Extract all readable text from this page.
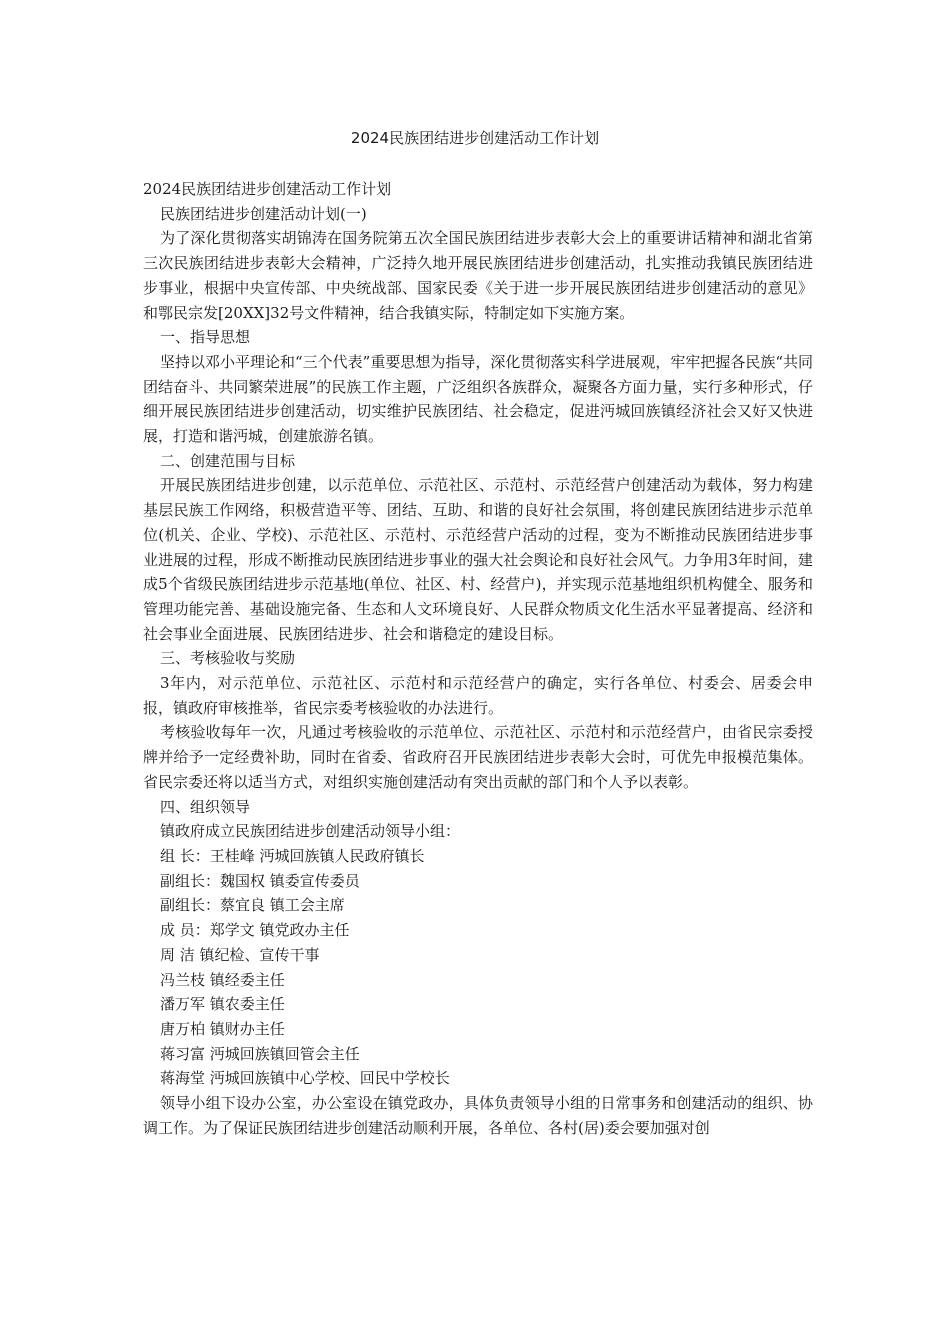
2024民族团结进步创建活动工作计划

2024民族团结进步创建活动工作计划

民族团结进步创建活动计划(一)

为了深化贯彻落实胡锦涛在国务院第五次全国民族团结进步表彰大会上的重要讲话精神和湖北省第三次民族团结进步表彰大会精神，广泛持久地开展民族团结进步创建活动，扎实推动我镇民族团结进步事业，根据中央宣传部、中央统战部、国家民委《关于进一步开展民族团结进步创建活动的意见》和鄂民宗发[20XX]32号文件精神，结合我镇实际，特制定如下实施方案。

一、指导思想

坚持以邓小平理论和“三个代表”重要思想为指导，深化贯彻落实科学进展观，牢牢把握各民族“共同团结奋斗、共同繁荣进展”的民族工作主题，广泛组织各族群众，凝聚各方面力量，实行多种形式，仔细开展民族团结进步创建活动，切实维护民族团结、社会稳定，促进沔城回族镇经济社会又好又快进展，打造和谐沔城，创建旅游名镇。

二、创建范围与目标

开展民族团结进步创建，以示范单位、示范社区、示范村、示范经营户创建活动为载体，努力构建基层民族工作网络，积极营造平等、团结、互助、和谐的良好社会氛围，将创建民族团结进步示范单位(机关、企业、学校)、示范社区、示范村、示范经营户活动的过程，变为不断推动民族团结进步事业进展的过程，形成不断推动民族团结进步事业的强大社会舆论和良好社会风气。力争用3年时间，建成5个省级民族团结进步示范基地(单位、社区、村、经营户)，并实现示范基地组织机构健全、服务和管理功能完善、基础设施完备、生态和人文环境良好、人民群众物质文化生活水平显著提高、经济和社会事业全面进展、民族团结进步、社会和谐稳定的建设目标。

三、考核验收与奖励

3年内，对示范单位、示范社区、示范村和示范经营户的确定，实行各单位、村委会、居委会申报，镇政府审核推举，省民宗委考核验收的办法进行。

考核验收每年一次，凡通过考核验收的示范单位、示范社区、示范村和示范经营户，由省民宗委授牌并给予一定经费补助，同时在省委、省政府召开民族团结进步表彰大会时，可优先申报模范集体。省民宗委还将以适当方式，对组织实施创建活动有突出贡献的部门和个人予以表彰。

四、组织领导

镇政府成立民族团结进步创建活动领导小组：

组 长：王桂峰 沔城回族镇人民政府镇长

副组长：魏国权 镇委宣传委员

副组长：蔡宜良 镇工会主席

成 员：郑学文 镇党政办主任

周 洁 镇纪检、宣传干事

冯兰枝 镇经委主任

潘万军 镇农委主任

唐万柏 镇财办主任

蒋习富 沔城回族镇回管会主任

蒋海堂 沔城回族镇中心学校、回民中学校长

领导小组下设办公室，办公室设在镇党政办，具体负责领导小组的日常事务和创建活动的组织、协调工作。为了保证民族团结进步创建活动顺利开展，各单位、各村(居)委会要加强对创
